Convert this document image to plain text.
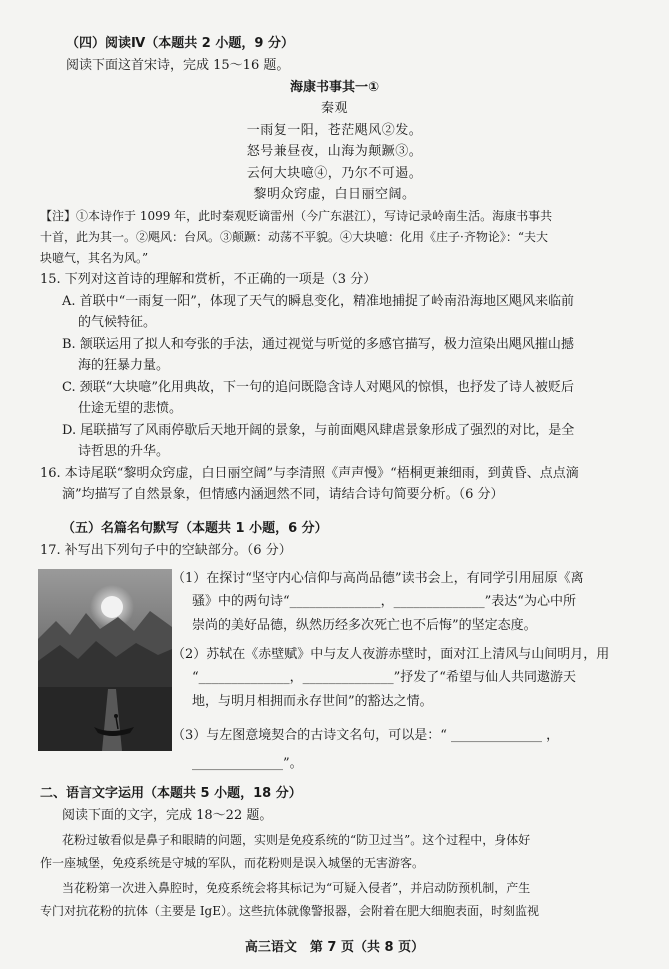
（四）阅读Ⅳ（本题共 2 小题，9 分）
阅读下面这首宋诗，完成 15～16 题。
海康书事其一①
秦观
一雨复一阳，苍茫飓风②发。
怒号兼昼夜，山海为颠蹶③。
云何大块噫④，乃尔不可遏。
黎明众窍虚，白日丽空阔。
【注】①本诗作于 1099 年，此时秦观贬谪雷州（今广东湛江），写诗记录岭南生活。海康书事共
十首，此为其一。②飓风：台风。③颠蹶：动荡不平貌。④大块噫：化用《庄子·齐物论》：“夫大
块噫气，其名为风。”
15. 下列对这首诗的理解和赏析，不正确的一项是（3 分）
A. 首联中“一雨复一阳”，体现了天气的瞬息变化，精准地捕捉了岭南沿海地区飓风来临前
的气候特征。
B. 颔联运用了拟人和夸张的手法，通过视觉与听觉的多感官描写，极力渲染出飓风摧山撼
海的狂暴力量。
C. 颈联“大块噫”化用典故，下一句的追问既隐含诗人对飓风的惊惧，也抒发了诗人被贬后
仕途无望的悲愤。
D. 尾联描写了风雨停歇后天地开阔的景象，与前面飓风肆虐景象形成了强烈的对比，是全
诗哲思的升华。
16. 本诗尾联“黎明众窍虚，白日丽空阔”与李清照《声声慢》“梧桐更兼细雨，到黄昏、点点滴
滴”均描写了自然景象，但情感内涵迥然不同，请结合诗句简要分析。（6 分）
（五）名篇名句默写（本题共 1 小题，6 分）
17. 补写出下列句子中的空缺部分。（6 分）
（1）在探讨“坚守内心信仰与高尚品德”读书会上，有同学引用屈原《离
骚》中的两句诗“______________，______________”表达“为心中所
崇尚的美好品德，纵然历经多次死亡也不后悔”的坚定态度。
（2）苏轼在《赤壁赋》中与友人夜游赤壁时，面对江上清风与山间明月，用
“______________，______________”抒发了“希望与仙人共同遨游天
地，与明月相拥而永存世间”的豁达之情。
（3）与左图意境契合的古诗文名句，可以是：“ ______________ ，
______________”。
二、语言文字运用（本题共 5 小题，18 分）
阅读下面的文字，完成 18～22 题。
花粉过敏看似是鼻子和眼睛的问题，实则是免疫系统的“防卫过当”。这个过程中，身体好
作一座城堡，免疫系统是守城的军队，而花粉则是误入城堡的无害游客。
当花粉第一次进入鼻腔时，免疫系统会将其标记为“可疑入侵者”，并启动防预机制，产生
专门对抗花粉的抗体（主要是 IgE）。这些抗体就像警报器，会附着在肥大细胞表面，时刻监视
高三语文　第 7 页（共 8 页）
